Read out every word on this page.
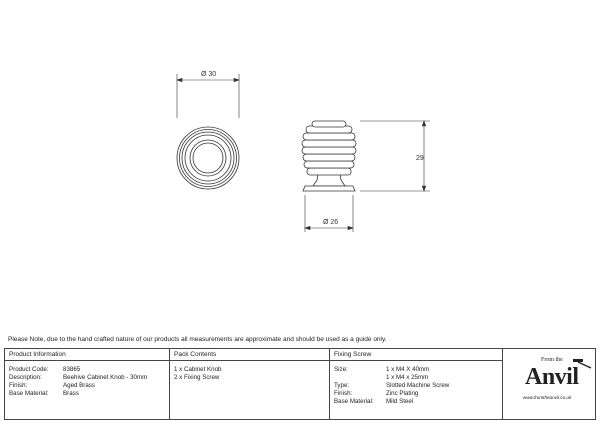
Ø 30
29
Ø 26
Please Note, due to the hand crafted nature of our products all measurements are approximate and should be used as a guide only.
Product Information
Product Code:	83865
Description:	Beehive Cabinet Knob - 30mm
Finish:	Aged Brass
Base Material:	Brass
Pack Contents
1 x Cabinet Knob
2 x Fixing Screw
Fixing Screw
Size:	1 x M4 X 40mm
1 x M4 x 25mm
Type:	Slotted Machine Screw
Finish:	Zinc Plating
Base Material:	Mild Steel
From the
Anvil
www.fromtheanvil.co.uk
